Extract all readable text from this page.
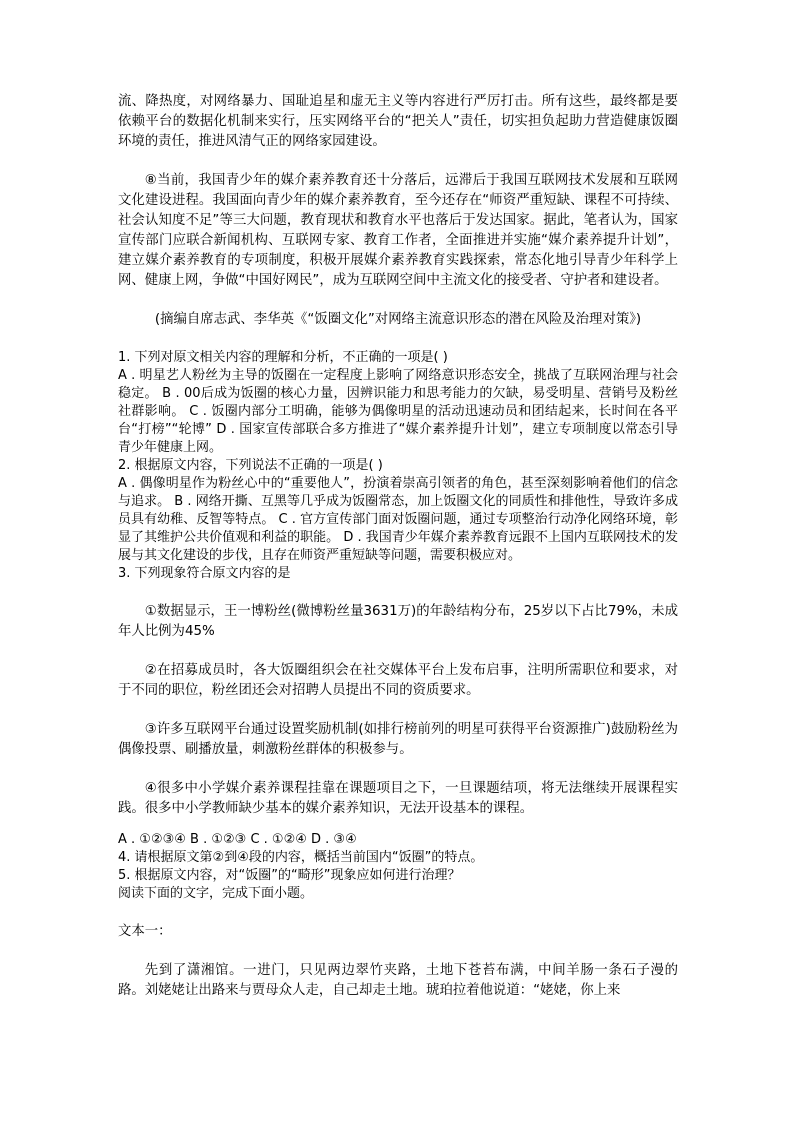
流、降热度，对网络暴力、国耻追星和虚无主义等内容进行严厉打击。所有这些，最终都是要依赖平台的数据化机制来实行，压实网络平台的“把关人”责任，切实担负起助力营造健康饭圈环境的责任，推进风清气正的网络家园建设。

⑧当前，我国青少年的媒介素养教育还十分落后，远滞后于我国互联网技术发展和互联网文化建设进程。我国面向青少年的媒介素养教育，至今还存在“师资严重短缺、课程不可持续、社会认知度不足”等三大问题，教育现状和教育水平也落后于发达国家。据此，笔者认为，国家宣传部门应联合新闻机构、互联网专家、教育工作者，全面推进并实施“媒介素养提升计划”，建立媒介素养教育的专项制度，积极开展媒介素养教育实践探索，常态化地引导青少年科学上网、健康上网，争做“中国好网民”，成为互联网空间中主流文化的接受者、守护者和建设者。

(摘编自席志武、李华英《“饭圈文化”对网络主流意识形态的潜在风险及治理对策》)

1. 下列对原文相关内容的理解和分析，不正确的一项是( )

A . 明星艺人粉丝为主导的饭圈在一定程度上影响了网络意识形态安全，挑战了互联网治理与社会稳定。 B . 00后成为饭圈的核心力量，因辨识能力和思考能力的欠缺，易受明星、营销号及粉丝社群影响。 C . 饭圈内部分工明确，能够为偶像明星的活动迅速动员和团结起来，长时间在各平台“打榜”“轮博” D . 国家宣传部联合多方推进了“媒介素养提升计划”，建立专项制度以常态引导青少年健康上网。

2. 根据原文内容，下列说法不正确的一项是( )

A . 偶像明星作为粉丝心中的“重要他人”，扮演着崇高引领者的角色，甚至深刻影响着他们的信念与追求。 B . 网络开撕、互黑等几乎成为饭圈常态，加上饭圈文化的同质性和排他性，导致许多成员具有幼稚、反智等特点。 C . 官方宣传部门面对饭圈问题，通过专项整治行动净化网络环境，彰显了其维护公共价值观和利益的职能。 D . 我国青少年媒介素养教育远跟不上国内互联网技术的发展与其文化建设的步伐，且存在师资严重短缺等问题，需要积极应对。

3. 下列现象符合原文内容的是

①数据显示，王一博粉丝(微博粉丝量3631万)的年龄结构分布，25岁以下占比79%，未成年人比例为45%

②在招募成员时，各大饭圈组织会在社交媒体平台上发布启事，注明所需职位和要求，对于不同的职位，粉丝团还会对招聘人员提出不同的资质要求。

③许多互联网平台通过设置奖励机制(如排行榜前列的明星可获得平台资源推广)鼓励粉丝为偶像投票、刷播放量，刺激粉丝群体的积极参与。

④很多中小学媒介素养课程挂靠在课题项目之下，一旦课题结项，将无法继续开展课程实践。很多中小学教师缺少基本的媒介素养知识，无法开设基本的课程。

A . ①②③④ B . ①②③ C . ①②④ D . ③④

4. 请根据原文第②到④段的内容，概括当前国内“饭圈”的特点。

5. 根据原文内容，对“饭圈”的“畸形”现象应如何进行治理？

阅读下面的文字，完成下面小题。

文本一：

先到了潇湘馆。一进门，只见两边翠竹夹路，土地下苍苔布满，中间羊肠一条石子漫的路。刘姥姥让出路来与贾母众人走，自己却走土地。琥珀拉着他说道：“姥姥，你上来
